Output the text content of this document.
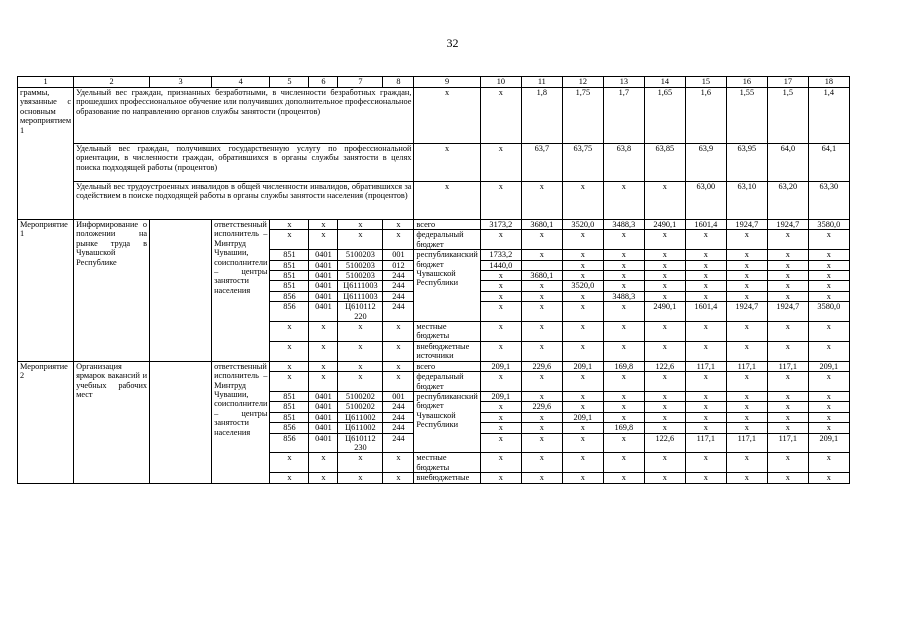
32
1	2	3	4	5	6	7	8	9	10	11	12	13	14	15	16	17	18
граммы, увязанные с основным мероприятием 1	Удельный вес граждан, признанных безработными, в численности безработных граждан, прошедших профессиональное обучение или получивших дополнительное профессиональное образование по направлению органов службы занятости (процентов)							x	x	1,8	1,75	1,7	1,65	1,6	1,55	1,5	1,4
	Удельный вес граждан, получивших государственную услугу по профессиональной ориентации, в численности граждан, обратившихся в органы службы занятости в целях поиска подходящей работы (процентов)							x	x	63,7	63,75	63,8	63,85	63,9	63,95	64,0	64,1
	Удельный вес трудоустроенных инвалидов в общей численности инвалидов, обратившихся за содействием в поиске подходящей работы в органы службы занятости населения (процентов)							x	x	x	x	x	x	63,00	63,10	63,20	63,30
Мероприятие 1	Информирование о положении на рынке труда в Чувашской Республике		ответственный исполнитель – Минтруд Чувашии, соисполнители – центры занятости населения	x	x	x	x	всего	3173,2	3680,1	3520,0	3488,3	2490,1	1601,4	1924,7	1924,7	3580,0
				x	x	x	x	федеральный бюджет	x	x	x	x	x	x	x	x	x
				851	0401	5100203	001	республиканский бюджет Чувашской Республики	1733,2	x	x	x	x	x	x	x	x
				851	0401	5100203	012		1440,0		x	x	x	x	x	x	x
				851	0401	5100203	244		x	3680,1	x	x	x	x	x	x	x
				851	0401	Ц6111003	244		x	x	3520,0	x	x	x	x	x	x
				856	0401	Ц6111003	244		x	x	x	3488,3	x	x	x	x	x
				856	0401	Ц610112 220	244		x	x	x	x	2490,1	1601,4	1924,7	1924,7	3580,0
				x	x	x	x	местные бюджеты	x	x	x	x	x	x	x	x	x
				x	x	x	x	внебюджетные источники	x	x	x	x	x	x	x	x	x
Мероприятие 2	Организация ярмарок вакансий и учебных рабочих мест		ответственный исполнитель – Минтруд Чувашии, соисполнители – центры занятости населения	x	x	x	x	всего	209,1	229,6	209,1	169,8	122,6	117,1	117,1	117,1	209,1
				x	x	x	x	федеральный бюджет	x	x	x	x	x	x	x	x	x
				851	0401	5100202	001	республиканский бюджет Чувашской Республики	209,1	x	x	x	x	x	x	x	x
				851	0401	5100202	244		x	229,6	x	x	x	x	x	x	x
				851	0401	Ц611002	244		x	x	209,1	x	x	x	x	x	x
				856	0401	Ц611002	244		x	x	x	169,8	x	x	x	x	x
				856	0401	Ц610112 230	244		x	x	x	x	122,6	117,1	117,1	117,1	209,1
				x	x	x	x	местные бюджеты	x	x	x	x	x	x	x	x	x
				x	x	x	x	внебюджетные	x	x	x	x	x	x	x	x	x
